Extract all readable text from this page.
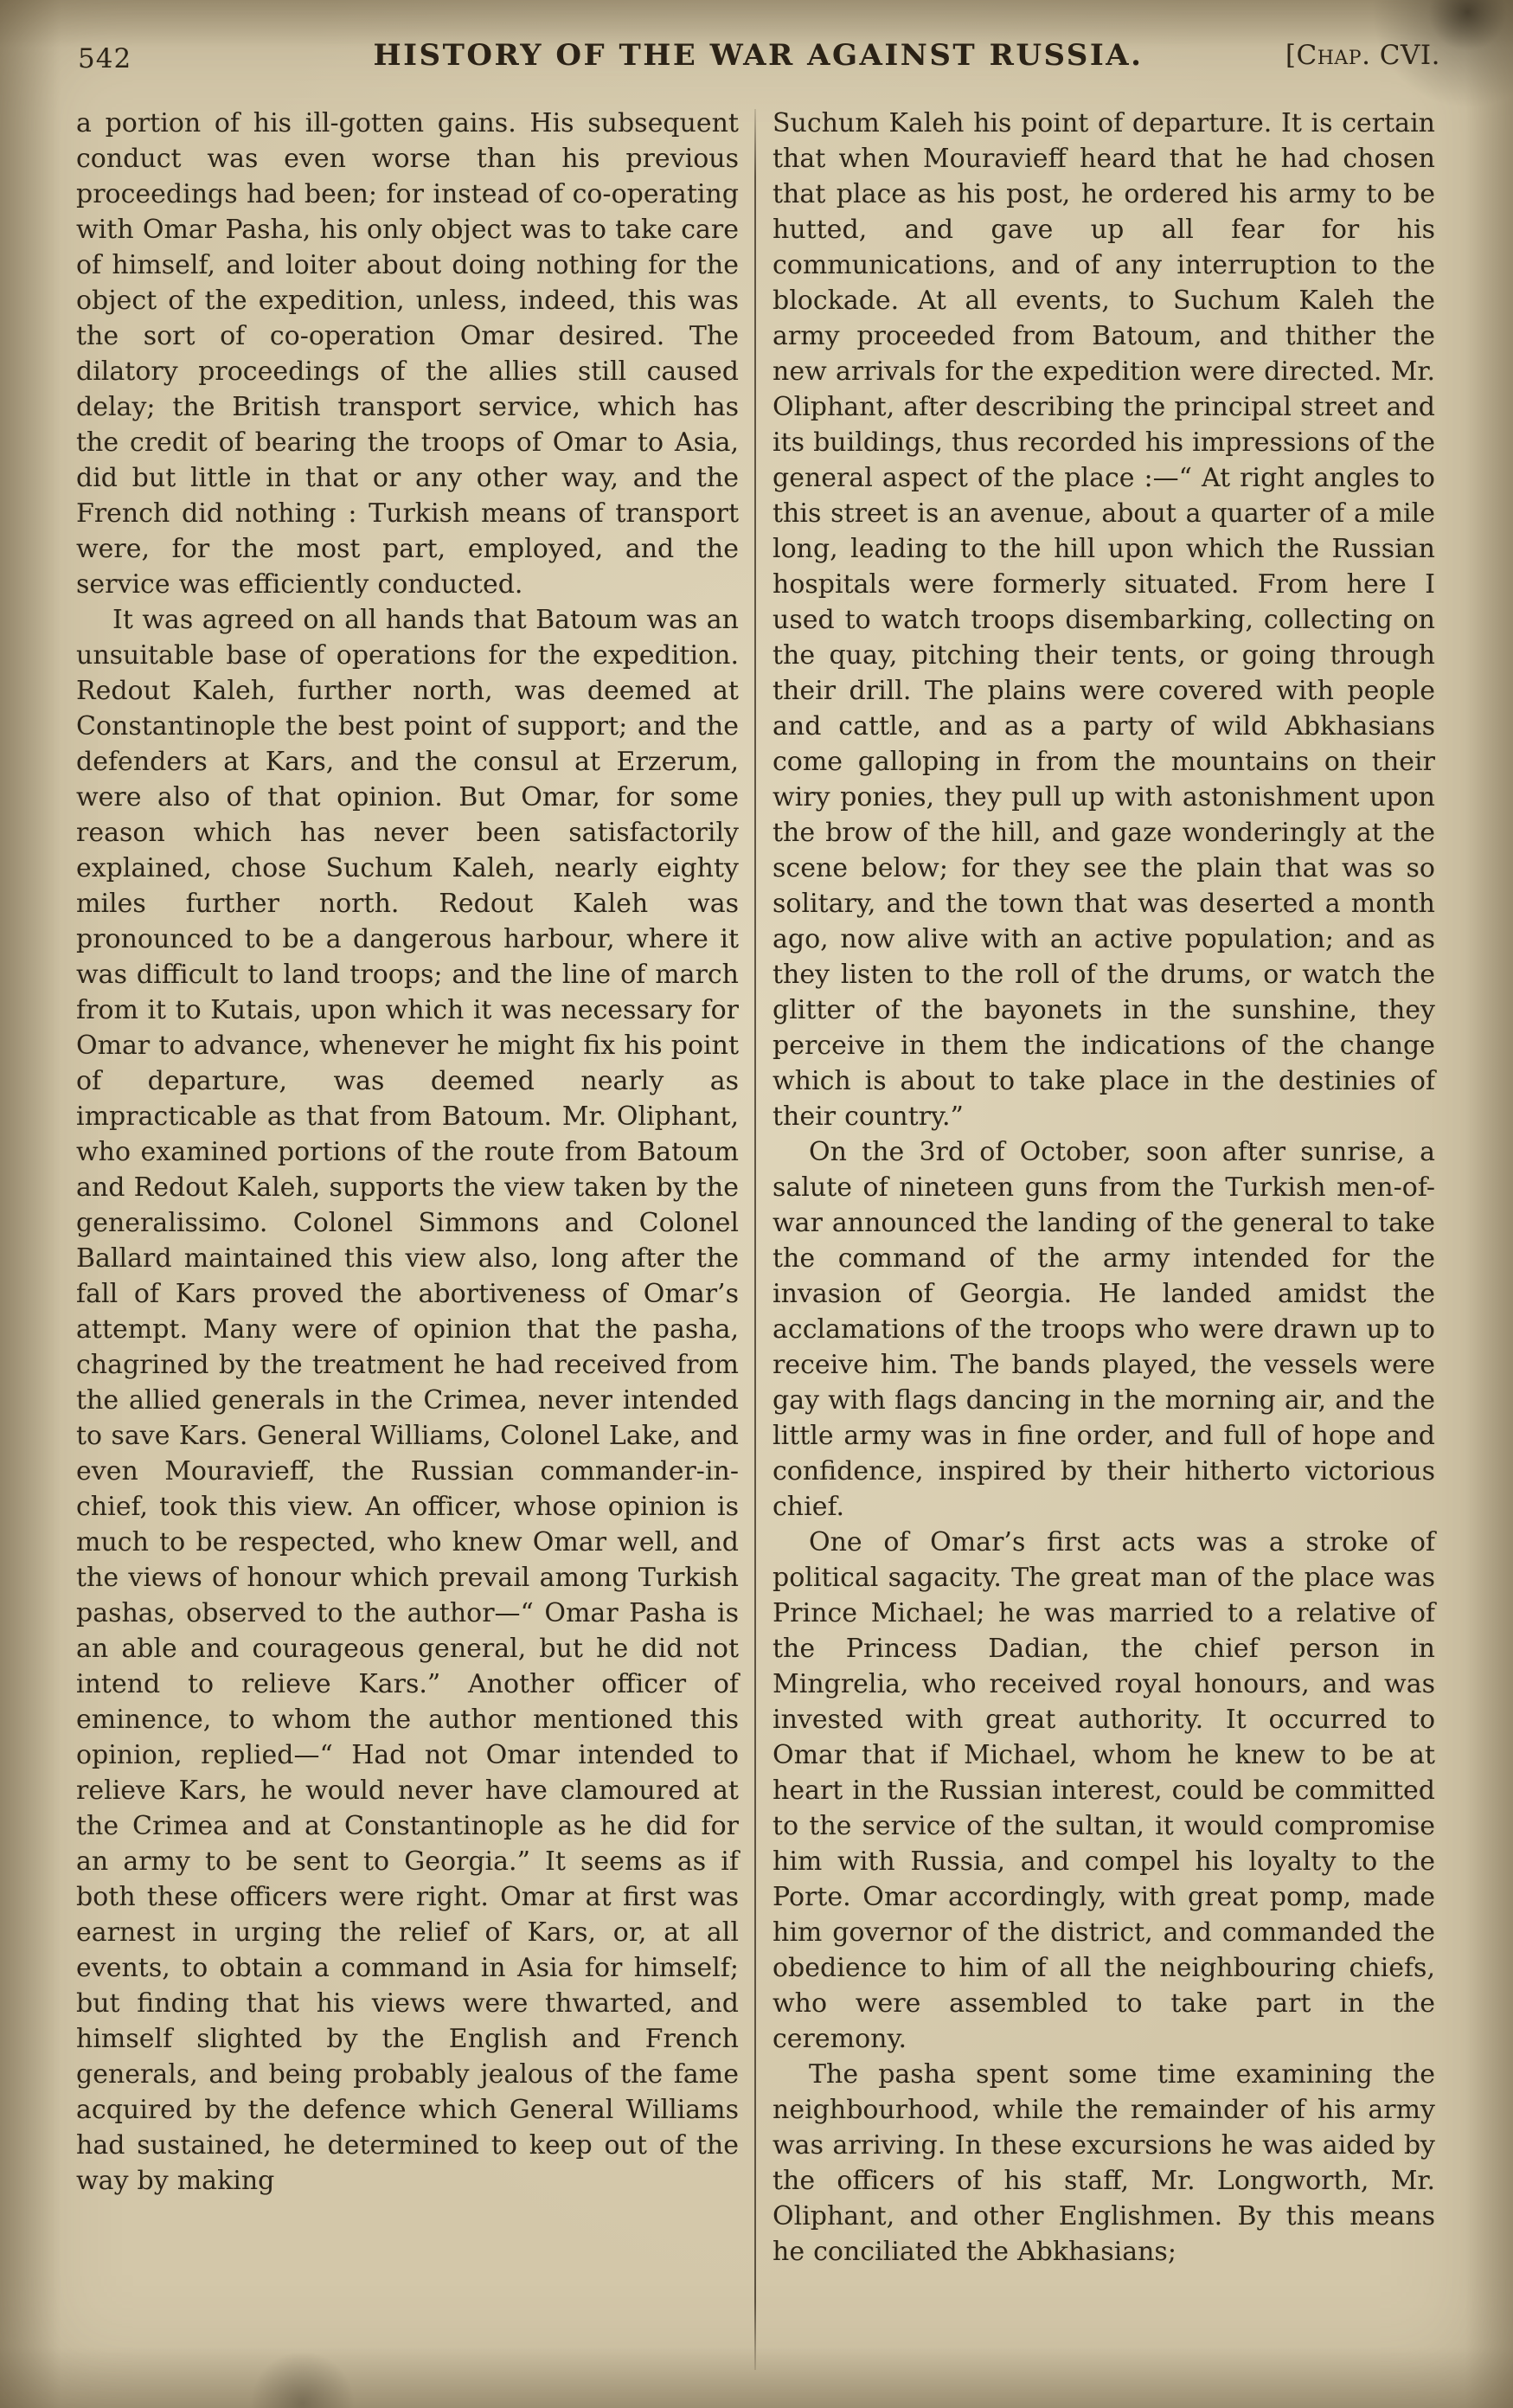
542	HISTORY OF THE WAR AGAINST RUSSIA.	[Chap. CVI.

a portion of his ill-gotten gains. His subsequent conduct was even worse than his previous proceedings had been; for instead of co-operating with Omar Pasha, his only object was to take care of himself, and loiter about doing nothing for the object of the expedition, unless, indeed, this was the sort of co-operation Omar desired. The dilatory proceedings of the allies still caused delay; the British transport service, which has the credit of bearing the troops of Omar to Asia, did but little in that or any other way, and the French did nothing : Turkish means of transport were, for the most part, employed, and the service was efficiently conducted.

It was agreed on all hands that Batoum was an unsuitable base of operations for the expedition. Redout Kaleh, further north, was deemed at Constantinople the best point of support; and the defenders at Kars, and the consul at Erzerum, were also of that opinion. But Omar, for some reason which has never been satisfactorily explained, chose Suchum Kaleh, nearly eighty miles further north. Redout Kaleh was pronounced to be a dangerous harbour, where it was difficult to land troops; and the line of march from it to Kutais, upon which it was necessary for Omar to advance, whenever he might fix his point of departure, was deemed nearly as impracticable as that from Batoum. Mr. Oliphant, who examined portions of the route from Batoum and Redout Kaleh, supports the view taken by the generalissimo. Colonel Simmons and Colonel Ballard maintained this view also, long after the fall of Kars proved the abortiveness of Omar’s attempt. Many were of opinion that the pasha, chagrined by the treatment he had received from the allied generals in the Crimea, never intended to save Kars. General Williams, Colonel Lake, and even Mouravieff, the Russian commander-in-chief, took this view. An officer, whose opinion is much to be respected, who knew Omar well, and the views of honour which prevail among Turkish pashas, observed to the author—“ Omar Pasha is an able and courageous general, but he did not intend to relieve Kars.” Another officer of eminence, to whom the author mentioned this opinion, replied—“ Had not Omar intended to relieve Kars, he would never have clamoured at the Crimea and at Constantinople as he did for an army to be sent to Georgia.” It seems as if both these officers were right. Omar at first was earnest in urging the relief of Kars, or, at all events, to obtain a command in Asia for himself; but finding that his views were thwarted, and himself slighted by the English and French generals, and being probably jealous of the fame acquired by the defence which General Williams had sustained, he determined to keep out of the way by making

Suchum Kaleh his point of departure. It is certain that when Mouravieff heard that he had chosen that place as his post, he ordered his army to be hutted, and gave up all fear for his communications, and of any interruption to the blockade. At all events, to Suchum Kaleh the army proceeded from Batoum, and thither the new arrivals for the expedition were directed. Mr. Oliphant, after describing the principal street and its buildings, thus recorded his impressions of the general aspect of the place :—“ At right angles to this street is an avenue, about a quarter of a mile long, leading to the hill upon which the Russian hospitals were formerly situated. From here I used to watch troops disembarking, collecting on the quay, pitching their tents, or going through their drill. The plains were covered with people and cattle, and as a party of wild Abkhasians come galloping in from the mountains on their wiry ponies, they pull up with astonishment upon the brow of the hill, and gaze wonderingly at the scene below; for they see the plain that was so solitary, and the town that was deserted a month ago, now alive with an active population; and as they listen to the roll of the drums, or watch the glitter of the bayonets in the sunshine, they perceive in them the indications of the change which is about to take place in the destinies of their country.”

On the 3rd of October, soon after sunrise, a salute of nineteen guns from the Turkish men-of-war announced the landing of the general to take the command of the army intended for the invasion of Georgia. He landed amidst the acclamations of the troops who were drawn up to receive him. The bands played, the vessels were gay with flags dancing in the morning air, and the little army was in fine order, and full of hope and confidence, inspired by their hitherto victorious chief.

One of Omar’s first acts was a stroke of political sagacity. The great man of the place was Prince Michael; he was married to a relative of the Princess Dadian, the chief person in Mingrelia, who received royal honours, and was invested with great authority. It occurred to Omar that if Michael, whom he knew to be at heart in the Russian interest, could be committed to the service of the sultan, it would compromise him with Russia, and compel his loyalty to the Porte. Omar accordingly, with great pomp, made him governor of the district, and commanded the obedience to him of all the neighbouring chiefs, who were assembled to take part in the ceremony.

The pasha spent some time examining the neighbourhood, while the remainder of his army was arriving. In these excursions he was aided by the officers of his staff, Mr. Longworth, Mr. Oliphant, and other Englishmen. By this means he conciliated the Abkhasians;
